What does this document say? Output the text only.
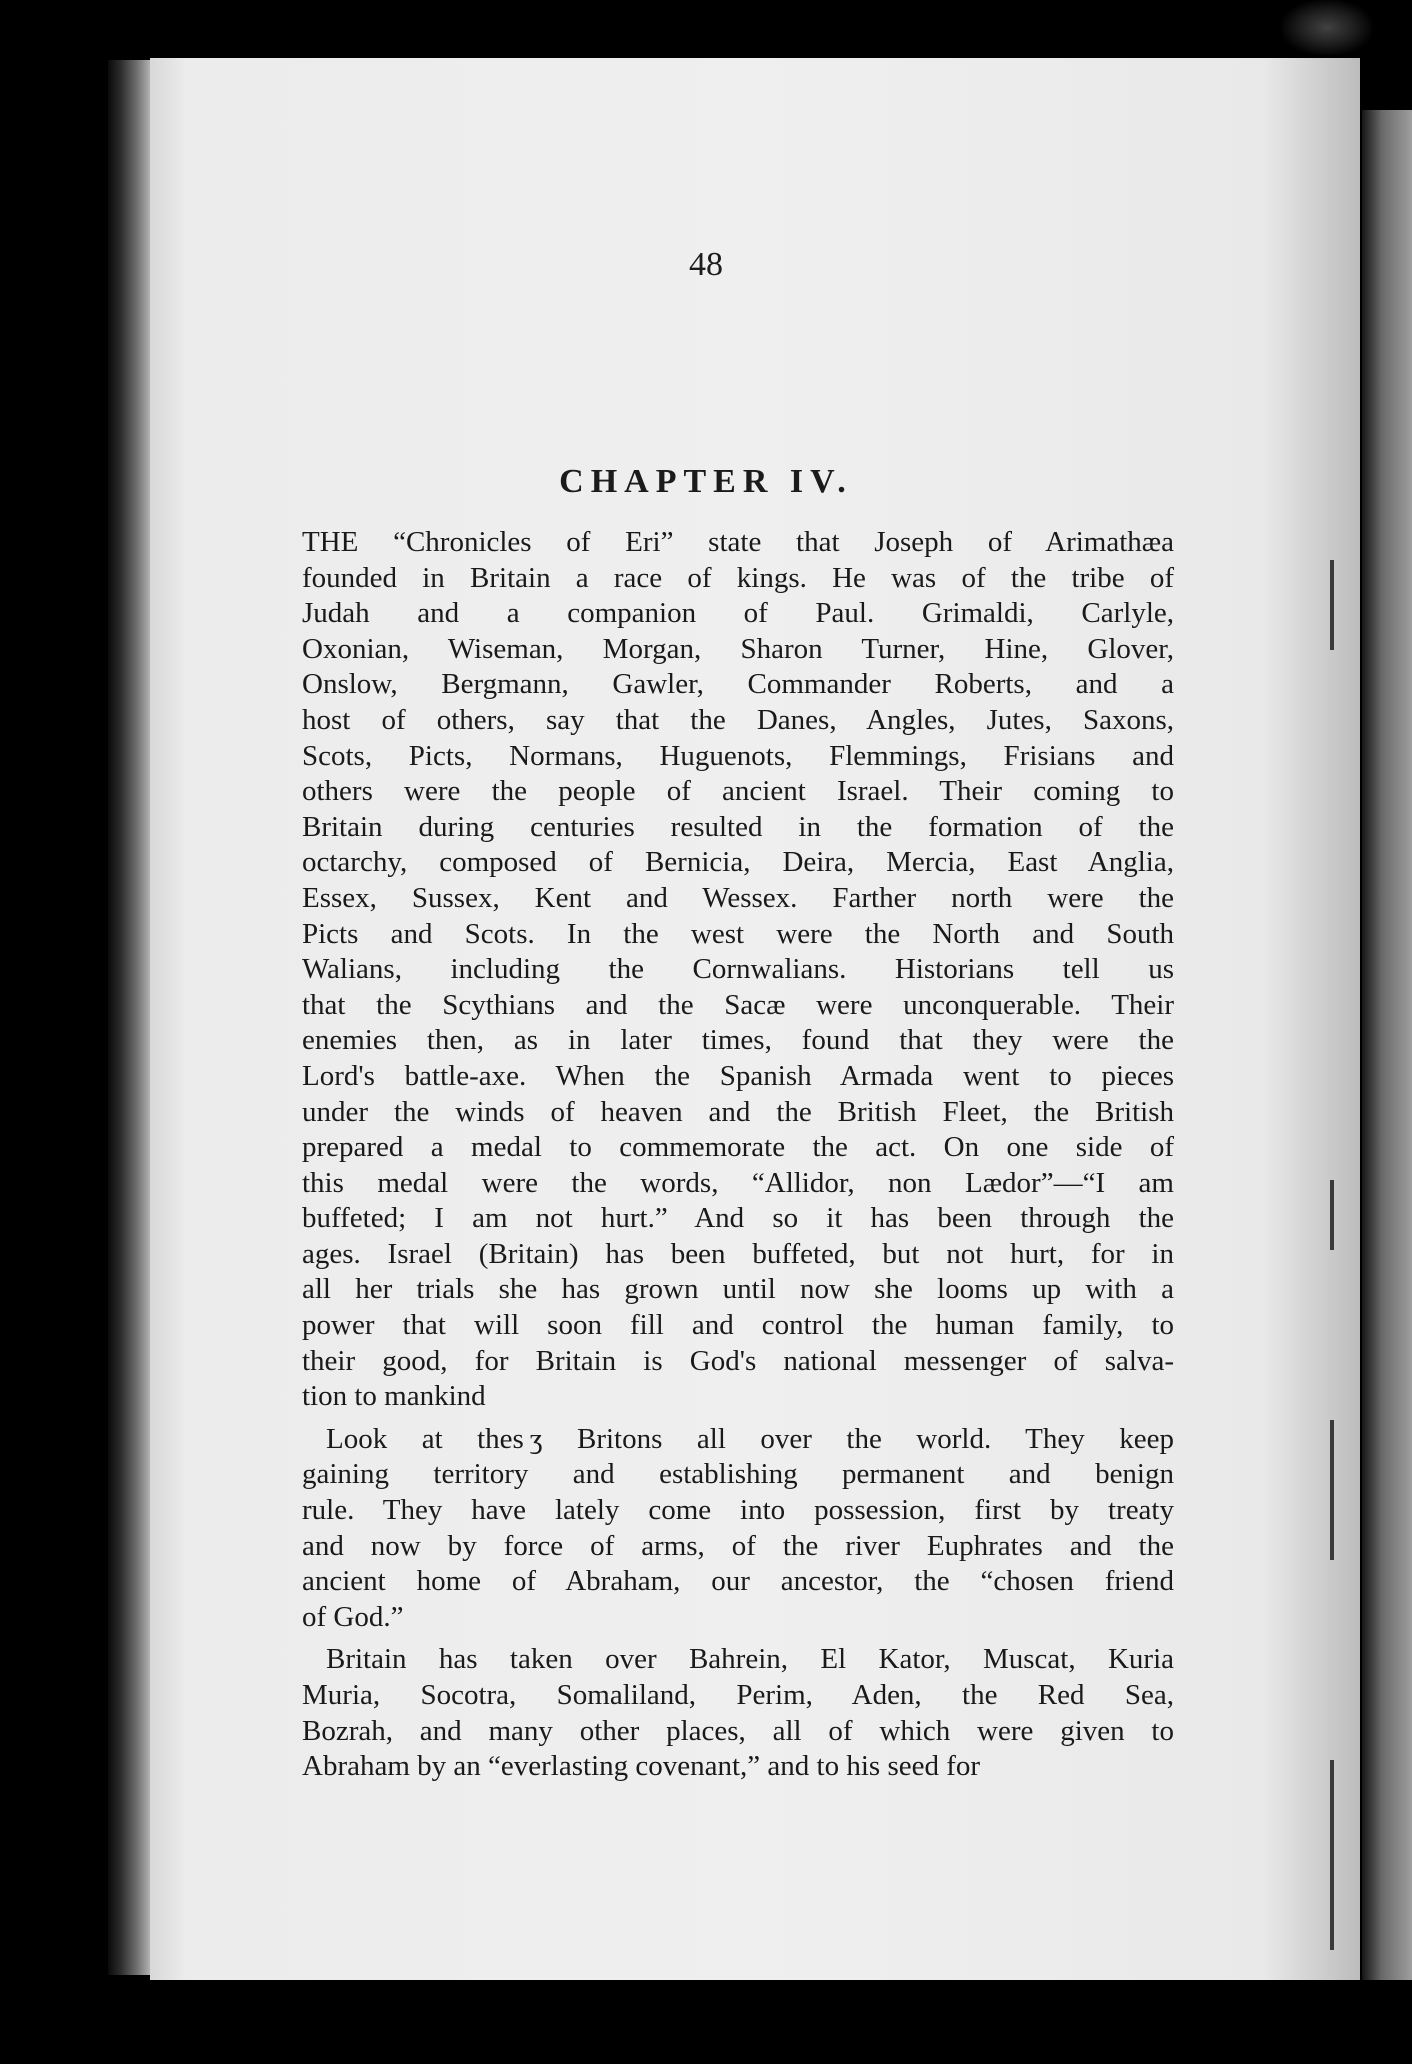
48
CHAPTER IV.
THE “Chronicles of Eri” state that Joseph of Arimathæa
founded in Britain a race of kings. He was of the tribe of
Judah and a companion of Paul. Grimaldi, Carlyle,
Oxonian, Wiseman, Morgan, Sharon Turner, Hine, Glover,
Onslow, Bergmann, Gawler, Commander Roberts, and a
host of others, say that the Danes, Angles, Jutes, Saxons,
Scots, Picts, Normans, Huguenots, Flemmings, Frisians and
others were the people of ancient Israel. Their coming to
Britain during centuries resulted in the formation of the
octarchy, composed of Bernicia, Deira, Mercia, East Anglia,
Essex, Sussex, Kent and Wessex. Farther north were the
Picts and Scots. In the west were the North and South
Walians, including the Cornwalians. Historians tell us
that the Scythians and the Sacæ were unconquerable. Their
enemies then, as in later times, found that they were the
Lord's battle-axe. When the Spanish Armada went to pieces
under the winds of heaven and the British Fleet, the British
prepared a medal to commemorate the act. On one side of
this medal were the words, “Allidor, non Lædor”—“I am
buffeted; I am not hurt.” And so it has been through the
ages. Israel (Britain) has been buffeted, but not hurt, for in
all her trials she has grown until now she looms up with a
power that will soon fill and control the human family, to
their good, for Britain is God's national messenger of salva-
tion to mankind
Look at thes ʒ Britons all over the world. They keep
gaining territory and establishing permanent and benign
rule. They have lately come into possession, first by treaty
and now by force of arms, of the river Euphrates and the
ancient home of Abraham, our ancestor, the “chosen friend
of God.”
Britain has taken over Bahrein, El Kator, Muscat, Kuria
Muria, Socotra, Somaliland, Perim, Aden, the Red Sea,
Bozrah, and many other places, all of which were given to
Abraham by an “everlasting covenant,” and to his seed for
